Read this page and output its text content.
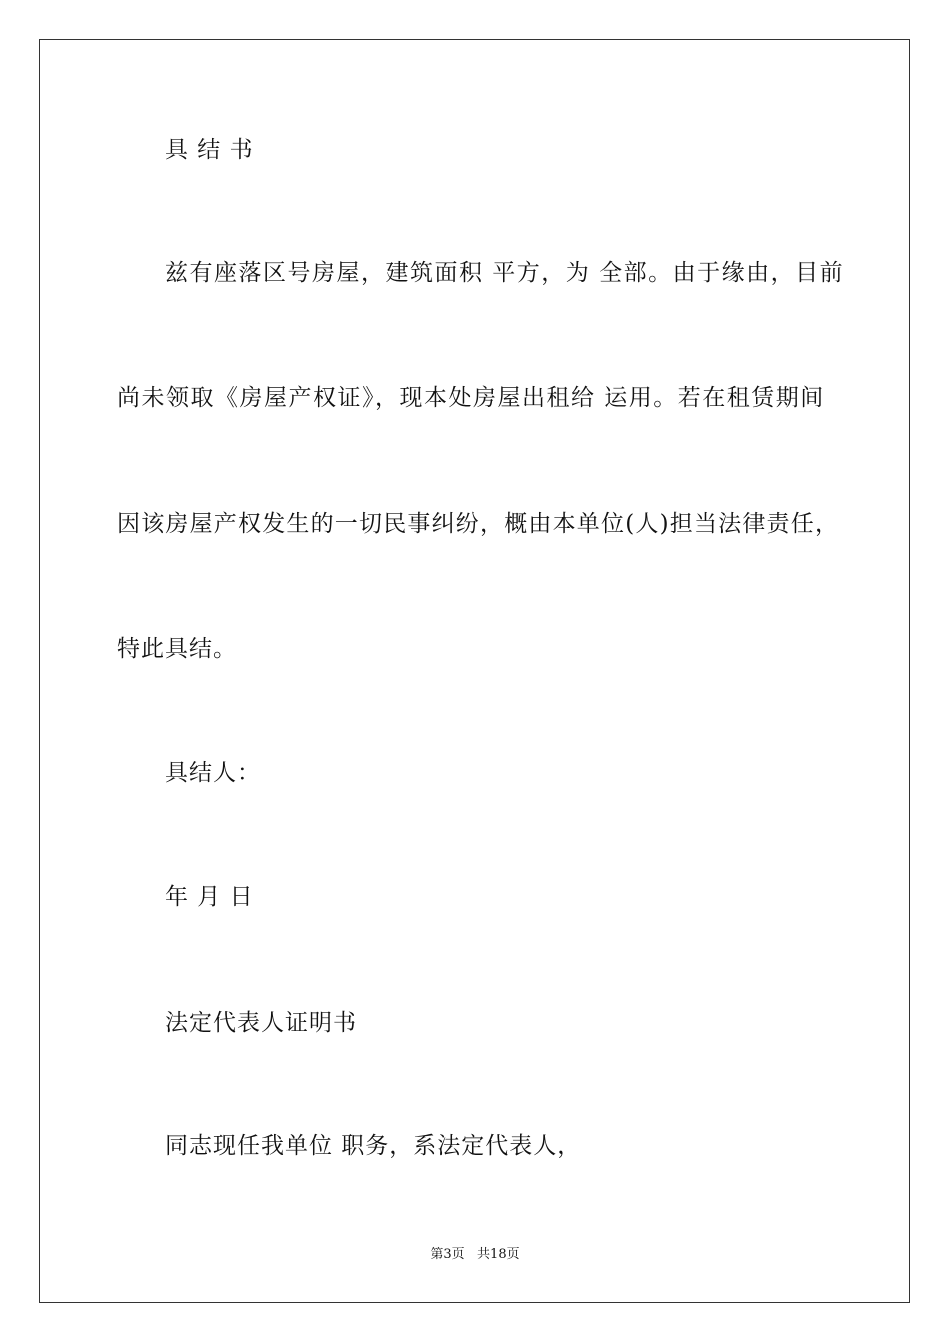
具 结 书
兹有座落区号房屋，建筑面积 平方，为 全部。由于缘由，目前
尚未领取《房屋产权证》，现本处房屋出租给 运用。若在租赁期间
因该房屋产权发生的一切民事纠纷，概由本单位(人)担当法律责任，
特此具结。
具结人：
年 月 日
法定代表人证明书
同志现任我单位 职务，系法定代表人，
第3页   共18页
